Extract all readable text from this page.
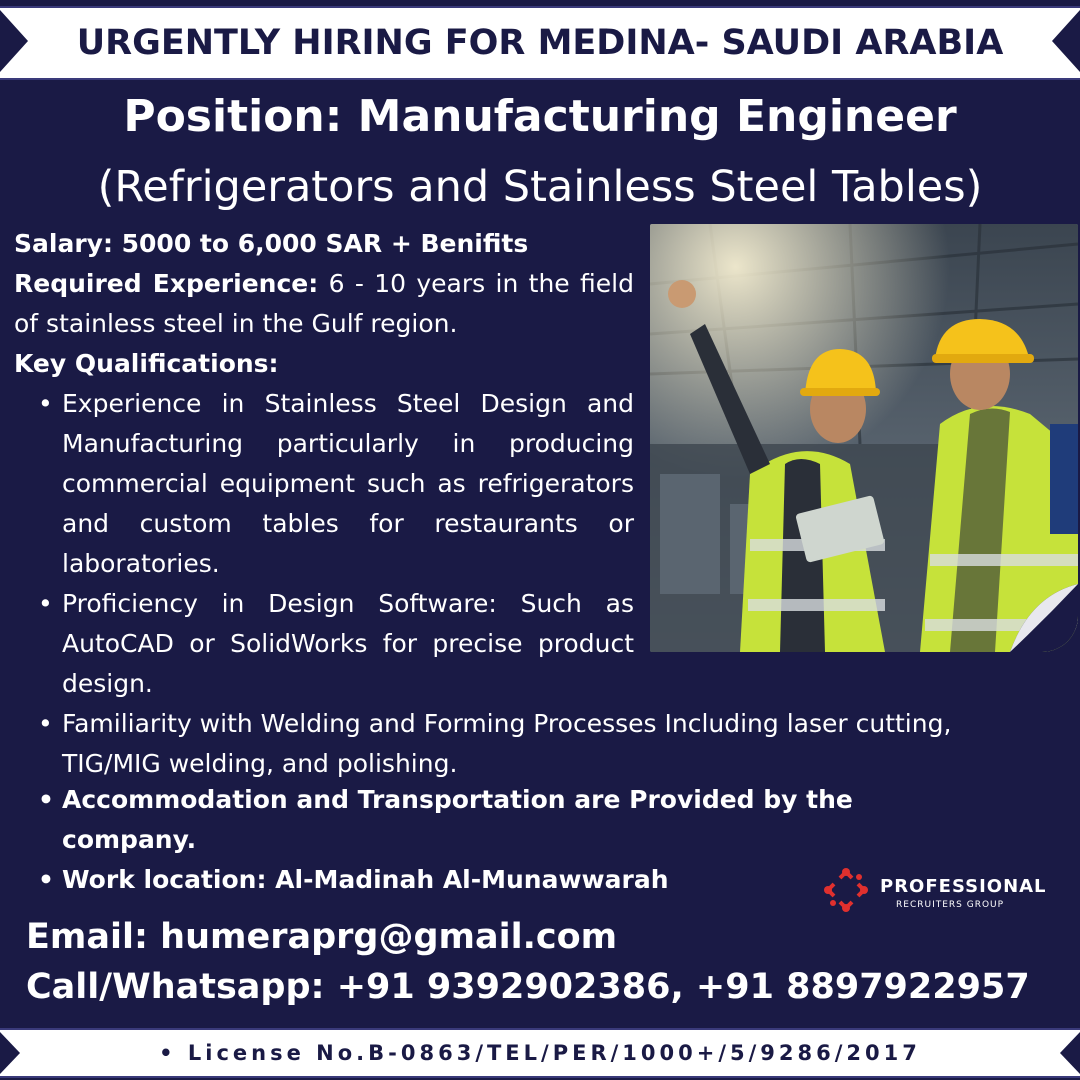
URGENTLY HIRING FOR MEDINA- SAUDI ARABIA
Position: Manufacturing Engineer
(Refrigerators and Stainless Steel Tables)
Salary: 5000 to 6,000 SAR + Benifits
Required Experience: 6 - 10 years in the field of stainless steel in the Gulf region.
Key Qualifications:
• Experience in Stainless Steel Design and Manufacturing particularly in producing commercial equipment such as refrigerators and custom tables for restaurants or laboratories.
• Proficiency in Design Software: Such as AutoCAD or SolidWorks for precise product design.
• Familiarity with Welding and Forming Processes Including laser cutting, TIG/MIG welding, and polishing.
• Accommodation and Transportation are Provided by the company.
• Work location: Al-Madinah Al-Munawwarah	PROFESSIONAL
RECRUITERS GROUP
Email: humeraprg@gmail.com
Call/Whatsapp: +91 9392902386, +91 8897922957
• License No.B-0863/TEL/PER/1000+/5/9286/2017
